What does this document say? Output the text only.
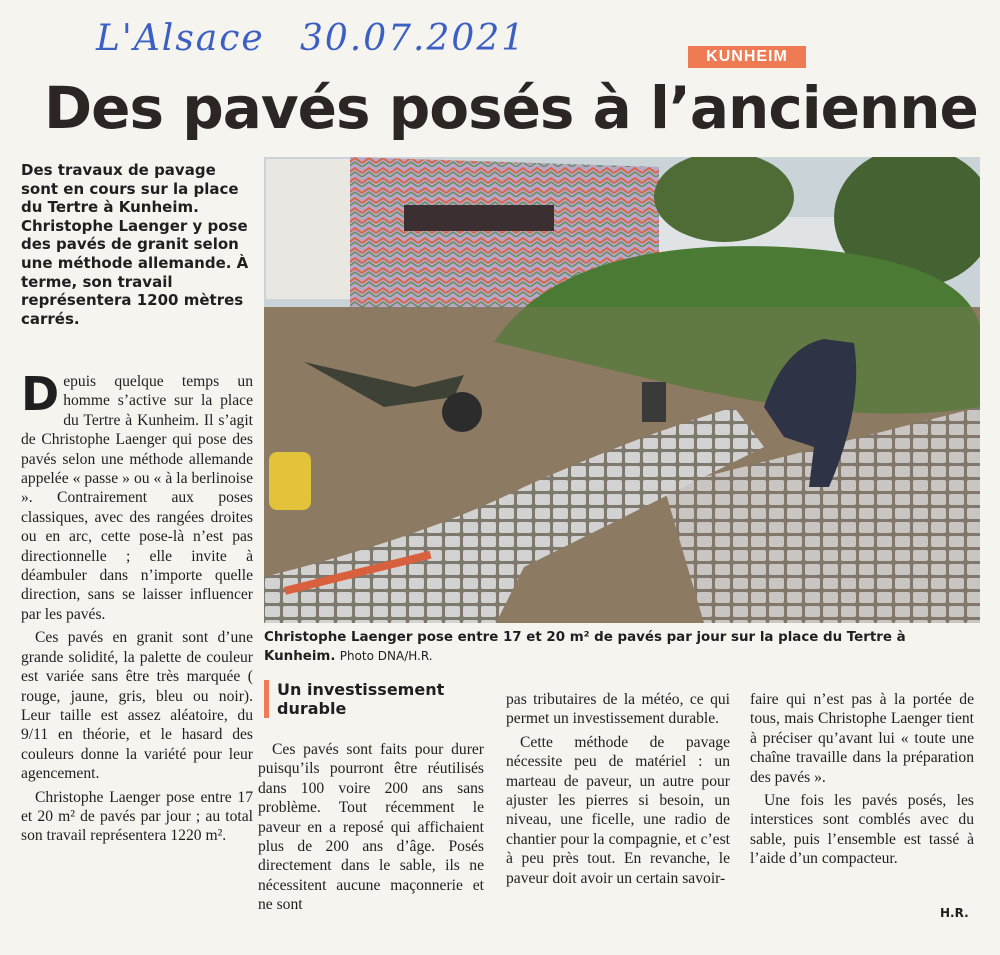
L'Alsace 30.07.2021	KUNHEIM
Des pavés posés à l’ancienne

Des travaux de pavage sont en cours sur la place du Tertre à Kunheim. Christophe Laenger y pose des pavés de granit selon une méthode allemande. À terme, son travail représentera 1200 mètres carrés.

Depuis quelque temps un homme s’active sur la place du Tertre à Kunheim. Il s’agit de Christophe Laenger qui pose des pavés selon une méthode allemande appelée « passe » ou « à la berlinoise ». Contrairement aux poses classiques, avec des rangées droites ou en arc, cette pose-là n’est pas directionnelle ; elle invite à déambuler dans n’importe quelle direction, sans se laisser influencer par les pavés.

Ces pavés en granit sont d’une grande solidité, la palette de couleur est variée sans être très marquée ( rouge, jaune, gris, bleu ou noir). Leur taille est assez aléatoire, du 9/11 en théorie, et le hasard des couleurs donne la variété pour leur agencement.

Christophe Laenger pose entre 17 et 20 m² de pavés par jour ; au total son travail représentera 1220 m².

Christophe Laenger pose entre 17 et 20 m² de pavés par jour sur la place du Tertre à Kunheim. Photo DNA/H.R.

Un investissement durable

Ces pavés sont faits pour durer puisqu’ils pourront être réutilisés dans 100 voire 200 ans sans problème. Tout récemment le paveur en a reposé qui affichaient plus de 200 ans d’âge. Posés directement dans le sable, ils ne nécessitent aucune maçonnerie et ne sont

pas tributaires de la météo, ce qui permet un investissement durable.

Cette méthode de pavage nécessite peu de matériel : un marteau de paveur, un autre pour ajuster les pierres si besoin, un niveau, une ficelle, une radio de chantier pour la compagnie, et c’est à peu près tout. En revanche, le paveur doit avoir un certain savoir-

faire qui n’est pas à la portée de tous, mais Christophe Laenger tient à préciser qu’avant lui « toute une chaîne travaille dans la préparation des pavés ».

Une fois les pavés posés, les interstices sont comblés avec du sable, puis l’ensemble est tassé à l’aide d’un compacteur.

H.R.
